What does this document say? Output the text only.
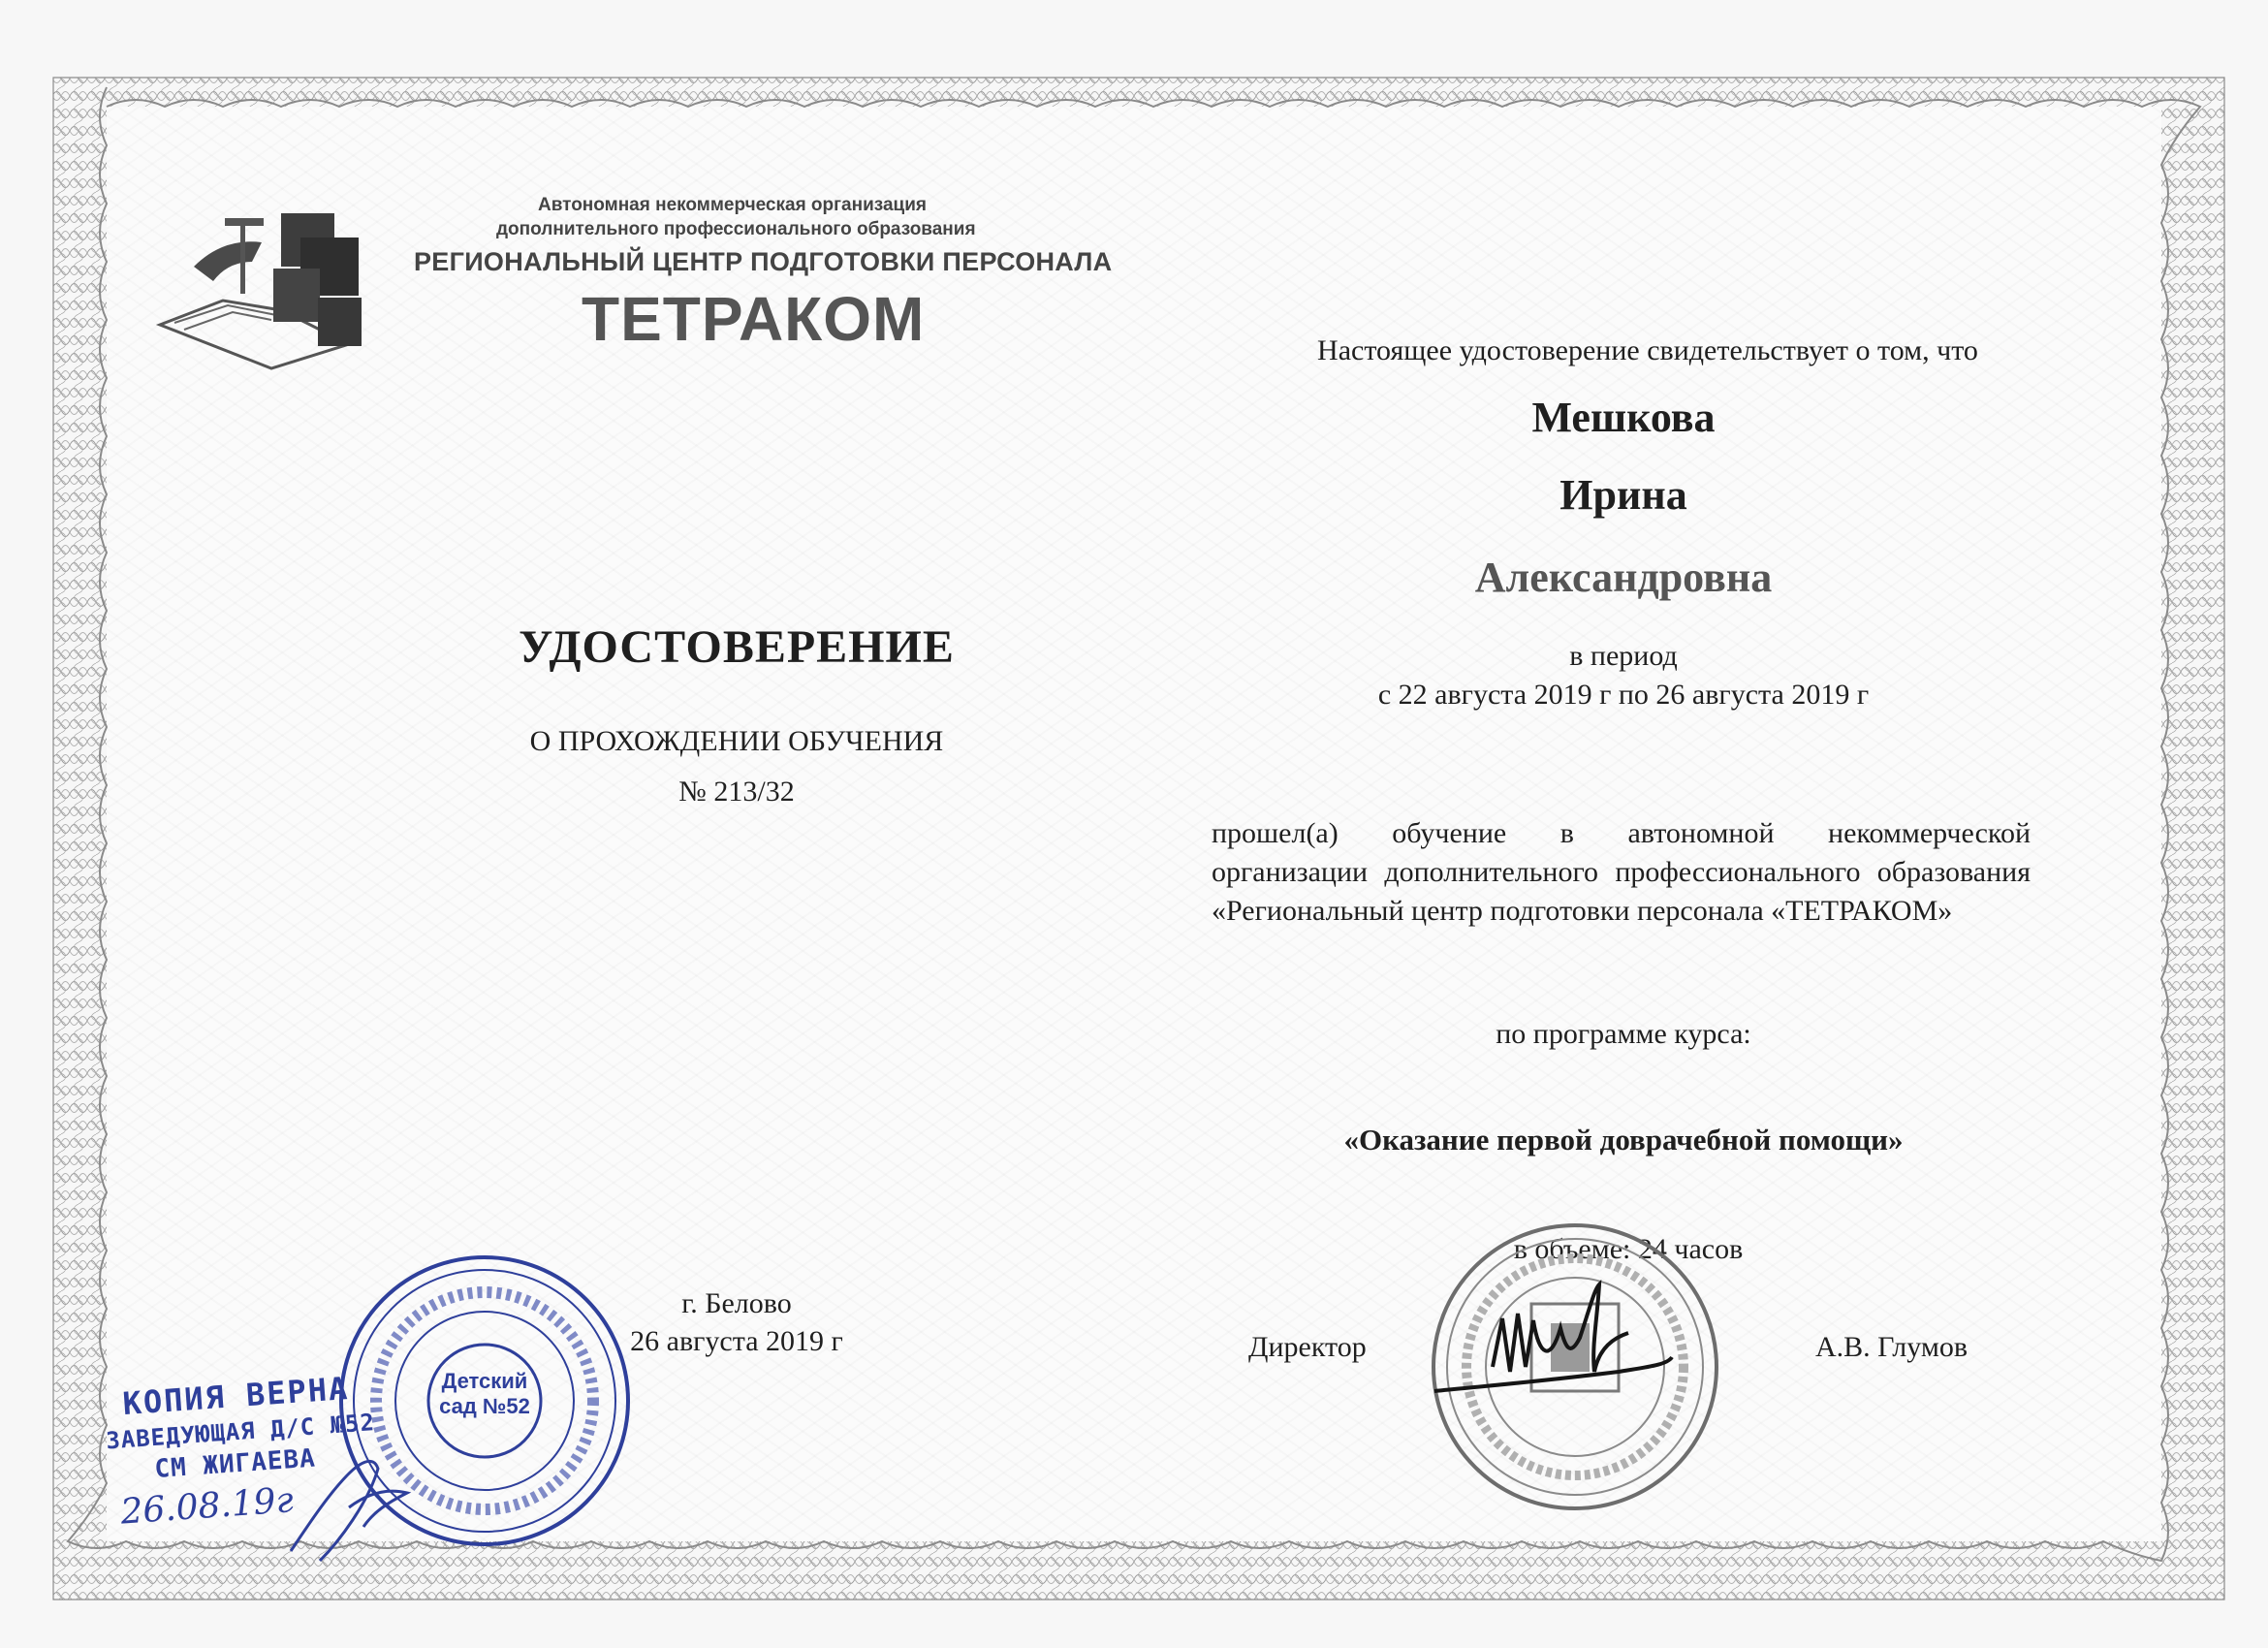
Автономная некоммерческая организация
дополнительного профессионального образования
РЕГИОНАЛЬНЫЙ ЦЕНТР ПОДГОТОВКИ ПЕРСОНАЛА
ТЕТРАКОМ
УДОСТОВЕРЕНИЕ
О ПРОХОЖДЕНИИ ОБУЧЕНИЯ
№ 213/32
г. Белово
26 августа 2019 г
Настоящее удостоверение свидетельствует о том, что
Мешкова
Ирина
Александровна
в период
с 22 августа 2019 г по 26 августа 2019 г

прошел(а) обучение в автономной некоммерческой

организации дополнительного профессионального образования

«Региональный центр подготовки персонала «ТЕТРАКОМ»

по программе курса:
«Оказание первой доврачебной помощи»
в объеме: 24 часов
Директор	А.В. Глумов
Детский
сад №52
КОПИЯ ВЕРНА
ЗАВЕДУЮЩАЯ Д/С №52
СМ ЖИГАЕВА
26.08.19г
